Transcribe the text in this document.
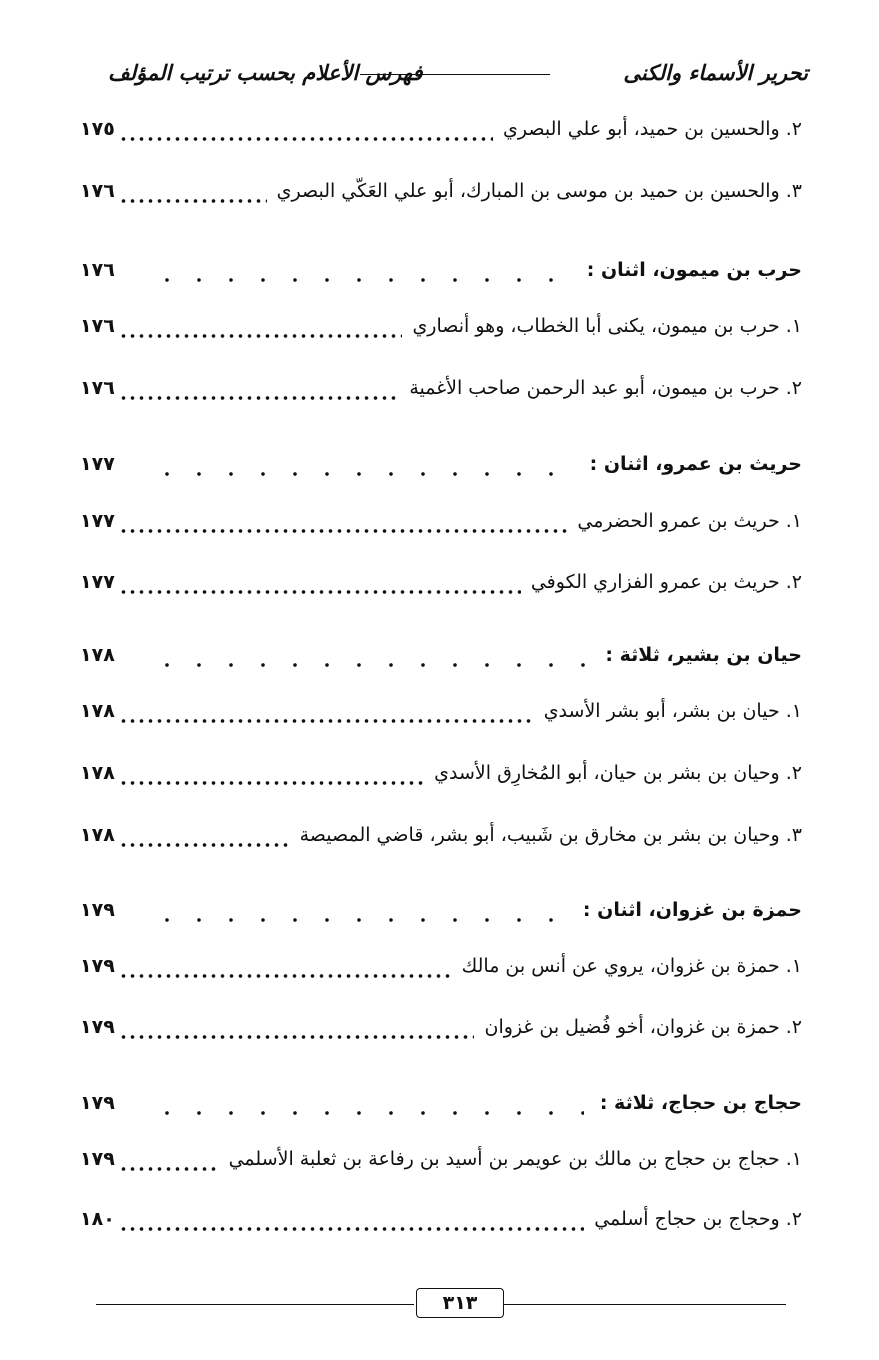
تحرير الأسماء والكنى
فهرس الأعلام بحسب ترتيب المؤلف
٢. والحسين بن حميد، أبو علي البصري
١٧٥
٣. والحسين بن حميد بن موسى بن المبارك، أبو علي العَكّي البصري
١٧٦
حرب بن ميمون، اثنان :
١٧٦
١. حرب بن ميمون، يكنى أبا الخطاب، وهو أنصاري
١٧٦
٢. حرب بن ميمون، أبو عبد الرحمن صاحب الأغمية
١٧٦
حريث بن عمرو، اثنان :
١٧٧
١. حريث بن عمرو الحضرمي
١٧٧
٢. حريث بن عمرو الفزاري الكوفي
١٧٧
حيان بن بشير، ثلاثة :
١٧٨
١. حيان بن بشر، أبو بشر الأسدي
١٧٨
٢. وحيان بن بشر بن حيان، أبو المُخارِق الأسدي
١٧٨
٣. وحيان بن بشر بن مخارق بن شَبيب، أبو بشر، قاضي المصيصة
١٧٨
حمزة بن غزوان، اثنان :
١٧٩
١. حمزة بن غزوان، يروي عن أنس بن مالك
١٧٩
٢. حمزة بن غزوان، أخو فُضيل بن غزوان
١٧٩
حجاج بن حجاج، ثلاثة :
١٧٩
١. حجاج بن حجاج بن مالك بن عويمر بن أسيد بن رفاعة بن ثعلبة الأسلمي
١٧٩
٢. وحجاج بن حجاج أسلمي
١٨٠
٣١٣
